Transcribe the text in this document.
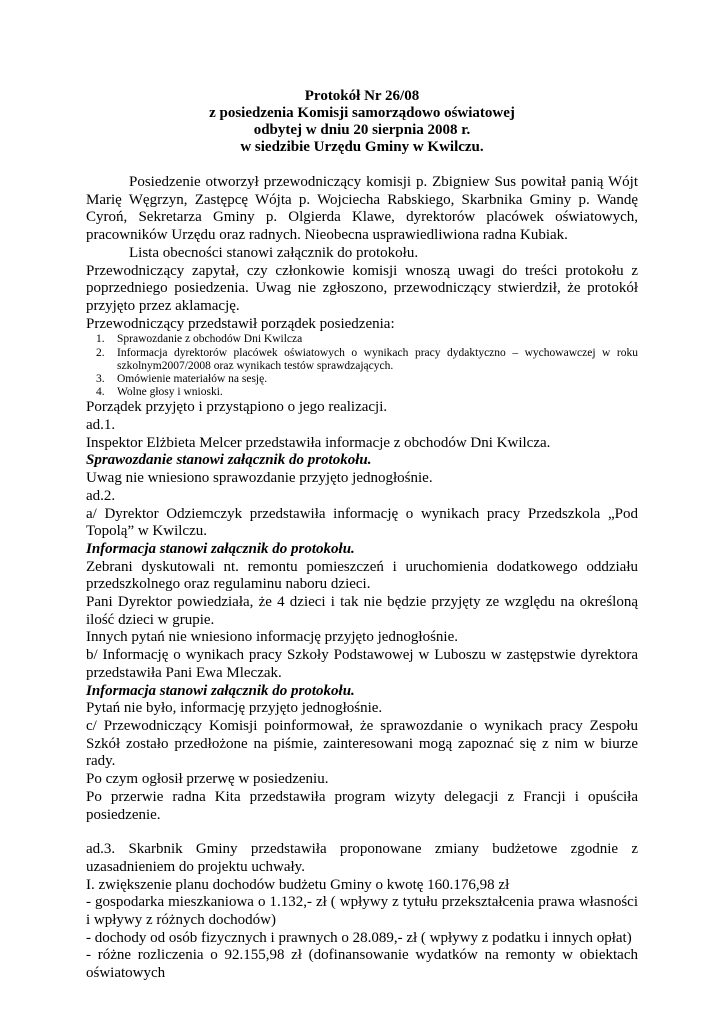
Protokół Nr 26/08
z posiedzenia Komisji samorządowo oświatowej
odbytej w dniu 20 sierpnia 2008 r.
w siedzibie Urzędu Gminy w Kwilczu.

Posiedzenie otworzył przewodniczący komisji p. Zbigniew Sus powitał panią Wójt Marię Węgrzyn, Zastępcę Wójta p. Wojciecha Rabskiego, Skarbnika Gminy p. Wandę Cyroń, Sekretarza Gminy p. Olgierda Klawe, dyrektorów placówek oświatowych, pracowników Urzędu oraz radnych. Nieobecna usprawiedliwiona radna Kubiak.

Lista obecności stanowi załącznik do protokołu.

Przewodniczący zapytał, czy członkowie komisji wnoszą uwagi do treści protokołu z poprzedniego posiedzenia. Uwag nie zgłoszono, przewodniczący stwierdził, że protokół przyjęto przez aklamację.

Przewodniczący przedstawił porządek posiedzenia:

1. Sprawozdanie z obchodów Dni Kwilcza
2. Informacja dyrektorów placówek oświatowych o wynikach pracy dydaktyczno – wychowawczej w roku szkolnym2007/2008 oraz wynikach testów sprawdzających.
3. Omówienie materiałów na sesję.
4. Wolne głosy i wnioski.

Porządek przyjęto i przystąpiono o jego realizacji.

ad.1.

Inspektor Elżbieta Melcer przedstawiła informacje z obchodów Dni Kwilcza.

Sprawozdanie stanowi załącznik do protokołu.

Uwag nie wniesiono sprawozdanie przyjęto jednogłośnie.

ad.2.

a/ Dyrektor Odziemczyk przedstawiła informację o wynikach pracy Przedszkola „Pod Topolą” w Kwilczu.

Informacja stanowi załącznik do protokołu.

Zebrani dyskutowali nt. remontu pomieszczeń i uruchomienia dodatkowego oddziału przedszkolnego oraz regulaminu naboru dzieci.

Pani Dyrektor powiedziała, że 4 dzieci i tak nie będzie przyjęty ze względu na określoną ilość dzieci w grupie.

Innych pytań nie wniesiono informację przyjęto jednogłośnie.

b/ Informację o wynikach pracy Szkoły Podstawowej w Luboszu w zastępstwie dyrektora przedstawiła Pani Ewa Mleczak.

Informacja stanowi załącznik do protokołu.

Pytań nie było, informację przyjęto jednogłośnie.

c/ Przewodniczący Komisji poinformował, że sprawozdanie o wynikach pracy Zespołu Szkół zostało przedłożone na piśmie, zainteresowani mogą zapoznać się z nim w biurze rady.

Po czym ogłosił przerwę w posiedzeniu.

Po przerwie radna Kita przedstawiła program wizyty delegacji z Francji i opuściła posiedzenie.

ad.3. Skarbnik Gminy przedstawiła proponowane zmiany budżetowe zgodnie z uzasadnieniem do projektu uchwały.

I. zwiększenie planu dochodów budżetu Gminy o kwotę 160.176,98 zł

- gospodarka mieszkaniowa o 1.132,- zł ( wpływy z tytułu przekształcenia prawa własności i wpływy z różnych dochodów)

- dochody od osób fizycznych i prawnych o 28.089,- zł ( wpływy z podatku i innych opłat)

- różne rozliczenia o 92.155,98 zł (dofinansowanie wydatków na remonty w obiektach oświatowych
